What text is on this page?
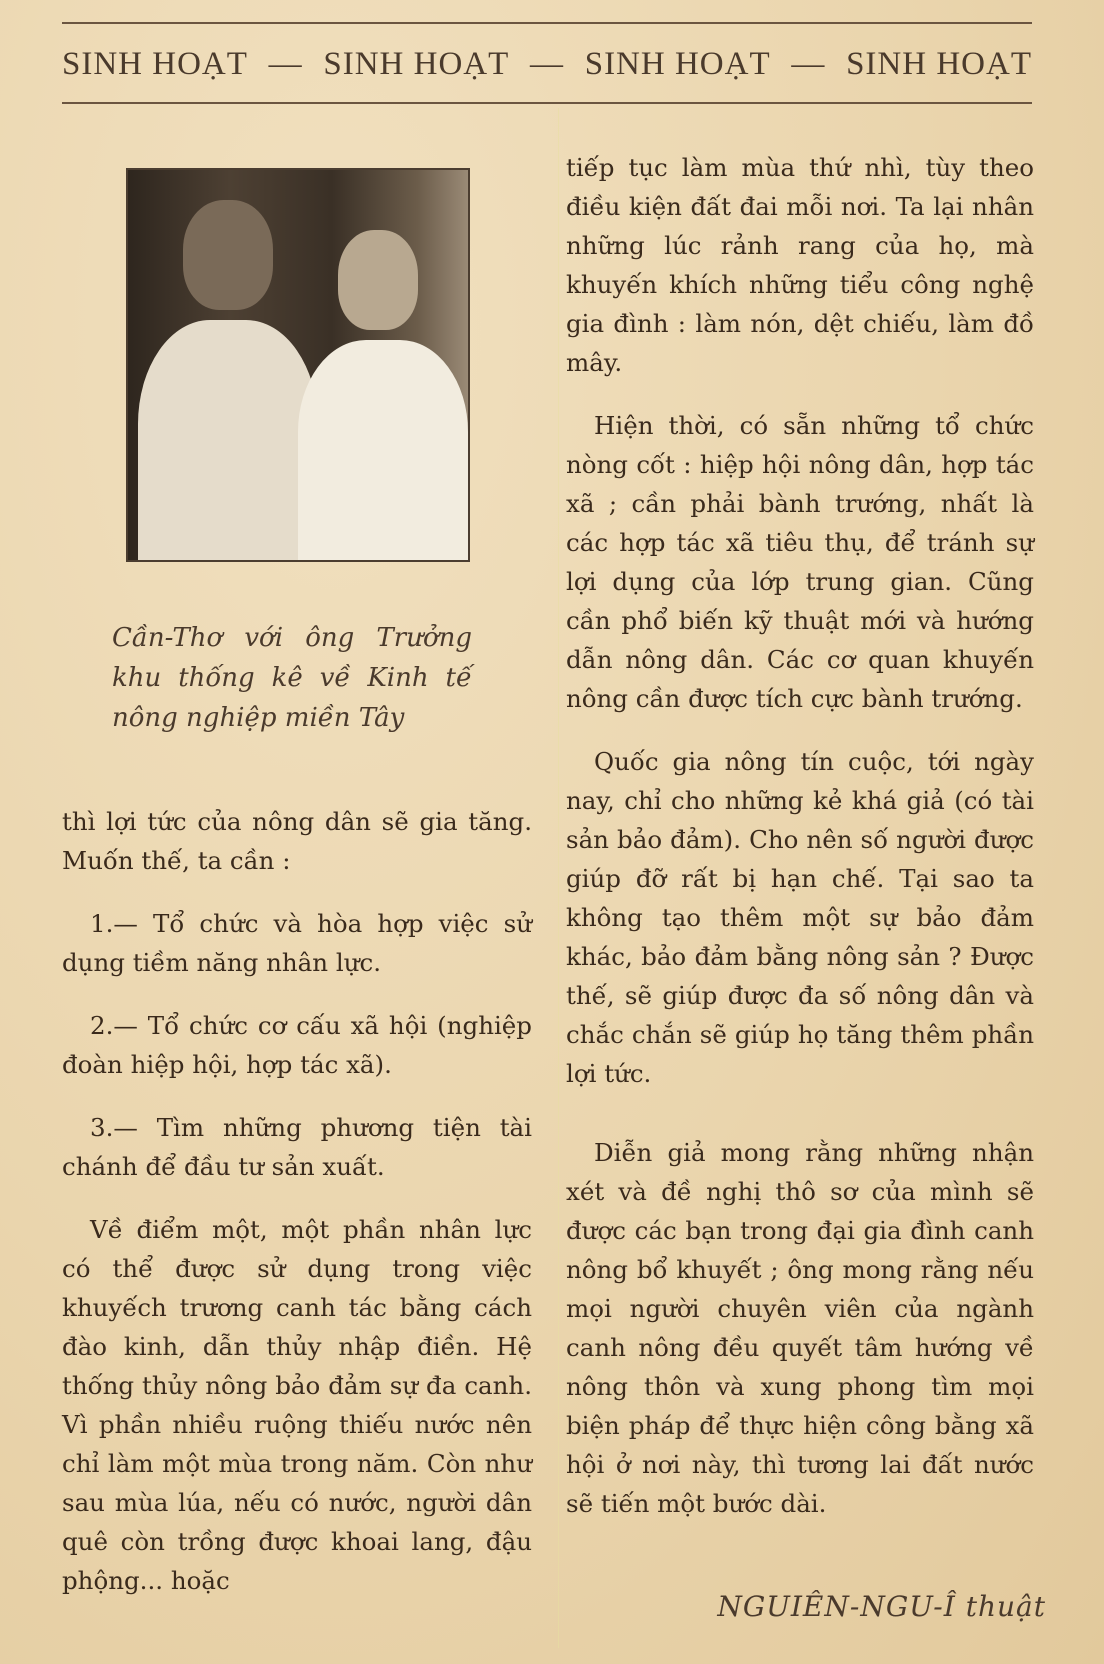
SINH HOẠT — SINH HOẠT — SINH HOẠT — SINH HOẠT
Cần-Thơ với ông Trưởng
khu thống kê về Kinh tế
nông nghiệp miền Tây

thì lợi tức của nông dân sẽ gia tăng. Muốn thế, ta cần :

1.— Tổ chức và hòa hợp việc sử dụng tiềm năng nhân lực.

2.— Tổ chức cơ cấu xã hội (nghiệp đoàn hiệp hội, hợp tác xã).

3.— Tìm những phương tiện tài chánh để đầu tư sản xuất.

Về điểm một, một phần nhân lực có thể được sử dụng trong việc khuyếch trương canh tác bằng cách đào kinh, dẫn thủy nhập điền. Hệ thống thủy nông bảo đảm sự đa canh. Vì phần nhiều ruộng thiếu nước nên chỉ làm một mùa trong năm. Còn như sau mùa lúa, nếu có nước, người dân quê còn trồng được khoai lang, đậu phộng... hoặc

tiếp tục làm mùa thứ nhì, tùy theo điều kiện đất đai mỗi nơi. Ta lại nhân những lúc rảnh rang của họ, mà khuyến khích những tiểu công nghệ gia đình : làm nón, dệt chiếu, làm đồ mây.

Hiện thời, có sẵn những tổ chức nòng cốt : hiệp hội nông dân, hợp tác xã ; cần phải bành trướng, nhất là các hợp tác xã tiêu thụ, để tránh sự lợi dụng của lớp trung gian. Cũng cần phổ biến kỹ thuật mới và hướng dẫn nông dân. Các cơ quan khuyến nông cần được tích cực bành trướng.

Quốc gia nông tín cuộc, tới ngày nay, chỉ cho những kẻ khá giả (có tài sản bảo đảm). Cho nên số người được giúp đỡ rất bị hạn chế. Tại sao ta không tạo thêm một sự bảo đảm khác, bảo đảm bằng nông sản ? Được thế, sẽ giúp được đa số nông dân và chắc chắn sẽ giúp họ tăng thêm phần lợi tức.

Diễn giả mong rằng những nhận xét và đề nghị thô sơ của mình sẽ được các bạn trong đại gia đình canh nông bổ khuyết ; ông mong rằng nếu mọi người chuyên viên của ngành canh nông đều quyết tâm hướng về nông thôn và xung phong tìm mọi biện pháp để thực hiện công bằng xã hội ở nơi này, thì tương lai đất nước sẽ tiến một bước dài.

NGUIÊN-NGU-Î thuật
